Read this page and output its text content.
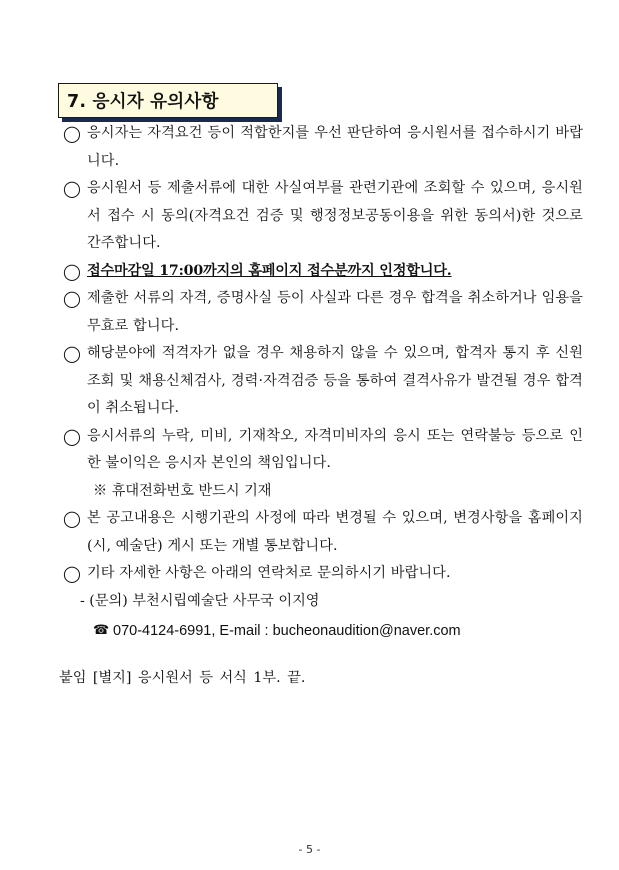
7. 응시자 유의사항
◯ 응시자는 자격요건 등이 적합한지를 우선 판단하여 응시원서를 접수하시기 바랍니다.
◯ 응시원서 등 제출서류에 대한 사실여부를 관련기관에 조회할 수 있으며, 응시원서 접수 시 동의(자격요건 검증 및 행정정보공동이용을 위한 동의서)한 것으로 간주합니다.
◯ 접수마감일 17:00까지의 홈페이지 접수분까지 인정합니다.
◯ 제출한 서류의 자격, 증명사실 등이 사실과 다른 경우 합격을 취소하거나 임용을 무효로 합니다.
◯ 해당분야에 적격자가 없을 경우 채용하지 않을 수 있으며, 합격자 통지 후 신원조회 및 채용신체검사, 경력·자격검증 등을 통하여 결격사유가 발견될 경우 합격이 취소됩니다.
◯ 응시서류의 누락, 미비, 기재착오, 자격미비자의 응시 또는 연락불능 등으로 인한 불이익은 응시자 본인의 책임입니다.
※ 휴대전화번호 반드시 기재
◯ 본 공고내용은 시행기관의 사정에 따라 변경될 수 있으며, 변경사항을 홈페이지(시, 예술단) 게시 또는 개별 통보합니다.
◯ 기타 자세한 사항은 아래의 연락처로 문의하시기 바랍니다.
- (문의) 부천시립예술단 사무국 이지영
☎ 070-4124-6991, E-mail : bucheonaudition@naver.com
붙임 [별지] 응시원서 등 서식 1부. 끝.
- 5 -
